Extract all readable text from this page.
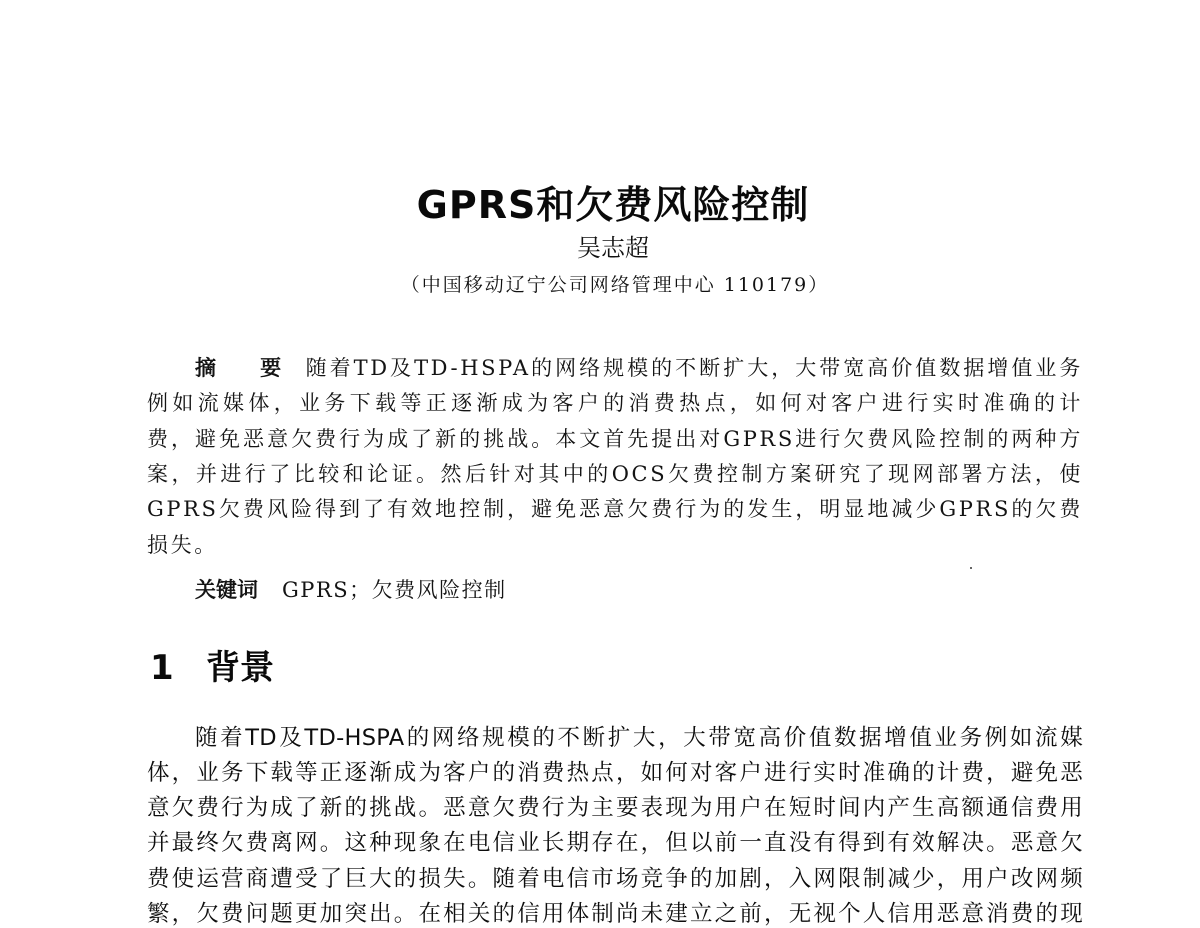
GPRS和欠费风险控制
吴志超
（中国移动辽宁公司网络管理中心 110179）
摘 要 随着TD及TD-HSPA的网络规模的不断扩大，大带宽高价值数据增值业务
例如流媒体，业务下载等正逐渐成为客户的消费热点，如何对客户进行实时准确的计
费，避免恶意欠费行为成了新的挑战。本文首先提出对GPRS进行欠费风险控制的两种方
案，并进行了比较和论证。然后针对其中的OCS欠费控制方案研究了现网部署方法，使
GPRS欠费风险得到了有效地控制，避免恶意欠费行为的发生，明显地减少GPRS的欠费
损失。
关键词 GPRS；欠费风险控制
1 背景
随着TD及TD-HSPA的网络规模的不断扩大，大带宽高价值数据增值业务例如流媒
体，业务下载等正逐渐成为客户的消费热点，如何对客户进行实时准确的计费，避免恶
意欠费行为成了新的挑战。恶意欠费行为主要表现为用户在短时间内产生高额通信费用
并最终欠费离网。这种现象在电信业长期存在，但以前一直没有得到有效解决。恶意欠
费使运营商遭受了巨大的损失。随着电信市场竞争的加剧，入网限制减少，用户改网频
繁，欠费问题更加突出。在相关的信用体制尚未建立之前，无视个人信用恶意消费的现
